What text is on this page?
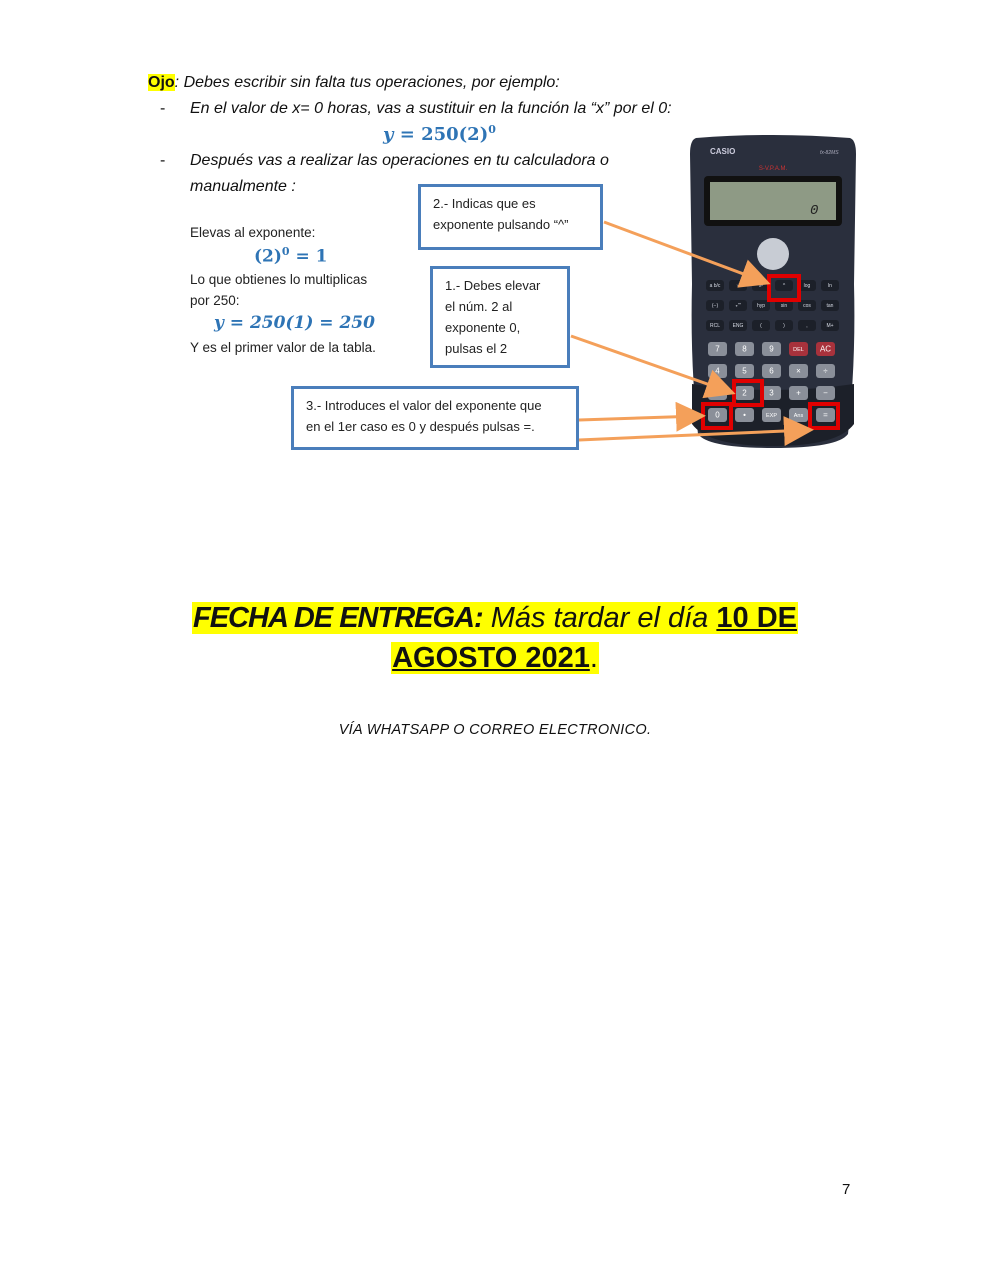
Ojo: Debes escribir sin falta tus operaciones, por ejemplo:
- En el valor de x= 0 horas, vas a sustituir en la función la “x” por el 0:
$y = 250(2)^0$
- Después vas a realizar las operaciones en tu calculadora o
manualmente :
Elevas al exponente:
$(2)^0 = 1$
Lo que obtienes lo multiplicas
por 250:
y = 250(1) = 250
Y es el primer valor de la tabla.
2.- Indicas que es
exponente pulsando “^”
1.- Debes elevar
el núm. 2 al
exponente 0,
pulsas el 2
3.- Introduces el valor del exponente que
en el 1er caso es 0 y después pulsas =.
CASIO	fx-82MS
S-V.P.A.M.
0
a b/c	√	x²	^	log	ln
(−)	∘'''	hyp	sin	cos	tan
RCL	ENG	(	)	,	M+
7	8	9	DEL AC
4	5	6	×	÷
1	2	3	+	−
0	•	EXP	Ans =
FECHA DE ENTREGA: Más tardar el día 10 DE
AGOSTO 2021.
VÍA WHATSAPP O CORREO ELECTRONICO.
7
